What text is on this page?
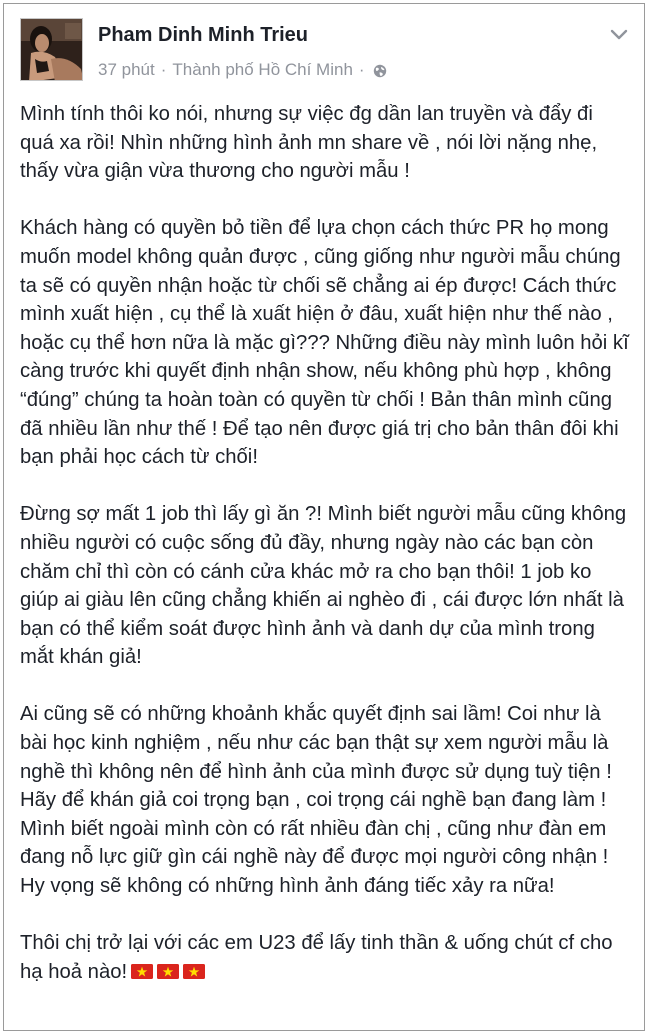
Pham Dinh Minh Trieu
37 phút · Thành phố Hồ Chí Minh ·

Mình tính thôi ko nói, nhưng sự việc đg dần lan truyền và đẩy đi quá xa rồi! Nhìn những hình ảnh mn share về , nói lời nặng nhẹ, thấy vừa giận vừa thương cho người mẫu !

Khách hàng có quyền bỏ tiền để lựa chọn cách thức PR họ mong muốn model không quản được , cũng giống như người mẫu chúng ta sẽ có quyền nhận hoặc từ chối sẽ chẳng ai ép được! Cách thức mình xuất hiện , cụ thể là xuất hiện ở đâu, xuất hiện như thế nào , hoặc cụ thể hơn nữa là mặc gì??? Những điều này mình luôn hỏi kĩ càng trước khi quyết định nhận show, nếu không phù hợp , không “đúng” chúng ta hoàn toàn có quyền từ chối ! Bản thân mình cũng đã nhiều lần như thế ! Để tạo nên được giá trị cho bản thân đôi khi bạn phải học cách từ chối!

Đừng sợ mất 1 job thì lấy gì ăn ?! Mình biết người mẫu cũng không nhiều người có cuộc sống đủ đầy, nhưng ngày nào các bạn còn chăm chỉ thì còn có cánh cửa khác mở ra cho bạn thôi! 1 job ko giúp ai giàu lên cũng chẳng khiến ai nghèo đi , cái được lớn nhất là bạn có thể kiểm soát được hình ảnh và danh dự của mình trong mắt khán giả!

Ai cũng sẽ có những khoảnh khắc quyết định sai lầm! Coi như là bài học kinh nghiệm , nếu như các bạn thật sự xem người mẫu là nghề thì không nên để hình ảnh của mình được sử dụng tuỳ tiện ! Hãy để khán giả coi trọng bạn , coi trọng cái nghề bạn đang làm ! Mình biết ngoài mình còn có rất nhiều đàn chị , cũng như đàn em đang nỗ lực giữ gìn cái nghề này để được mọi người công nhận ! Hy vọng sẽ không có những hình ảnh đáng tiếc xảy ra nữa!

Thôi chị trở lại với các em U23 để lấy tinh thần & uống chút cf cho hạ hoả nào!
